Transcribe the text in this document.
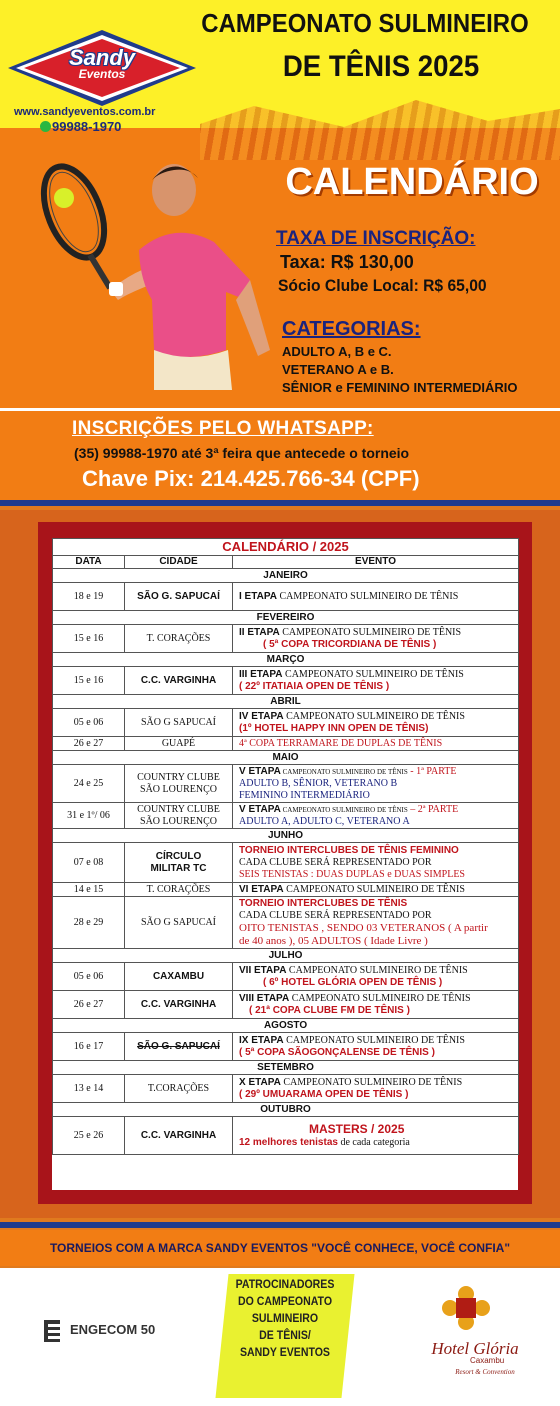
Sandy
Eventos
www.sandyeventos.com.br
99988-1970
CAMPEONATO SULMINEIRO
DE TÊNIS 2025
CALENDÁRIO
TAXA DE INSCRIÇÃO:
Taxa: R$ 130,00
Sócio Clube Local: R$ 65,00
CATEGORIAS:
ADULTO A, B e C.
VETERANO A e B.
SÊNIOR e FEMININO INTERMEDIÁRIO
INSCRIÇÕES PELO WHATSAPP:
(35) 99988-1970 até 3ª feira que antecede o torneio
Chave Pix: 214.425.766-34 (CPF)
CALENDÁRIO / 2025		
DATA	CIDADE	EVENTO
JANEIRO		
18 e 19	SÃO G. SAPUCAÍ	I ETAPA CAMPEONATO SULMINEIRO DE TÊNIS
FEVEREIRO		
15 e 16	T. CORAÇÕES	II ETAPA CAMPEONATO SULMINEIRO DE TÊNIS
( 5ª COPA TRICORDIANA DE TÊNIS )
MARÇO		
15 e 16	C.C. VARGINHA	III ETAPA CAMPEONATO SULMINEIRO DE TÊNIS
( 22º ITATIAIA OPEN DE TÊNIS )
ABRIL		
05 e 06	SÃO G SAPUCAÍ	IV ETAPA CAMPEONATO SULMINEIRO DE TÊNIS
(1º HOTEL HAPPY INN OPEN DE TÊNIS)
26 e 27	GUAPÉ	4ª COPA TERRAMARE DE DUPLAS DE TÊNIS
MAIO		
24 e 25	COUNTRY CLUBE
SÃO LOURENÇO	V ETAPA CAMPEONATO SULMINEIRO DE TÊNIS - 1ª PARTE
ADULTO B, SÊNIOR, VETERANO B
FEMININO INTERMEDIÁRIO
31 e 1º/ 06	COUNTRY CLUBE
SÃO LOURENÇO	V ETAPA CAMPEONATO SULMINEIRO DE TÊNIS – 2ª PARTE
ADULTO A, ADULTO C, VETERANO A
JUNHO		
07 e 08	CÍRCULO
MILITAR TC	TORNEIO INTERCLUBES DE TÊNIS FEMININO
CADA CLUBE SERÁ REPRESENTADO POR
SEIS TENISTAS : DUAS DUPLAS e DUAS SIMPLES
14 e 15	T. CORAÇÕES	VI ETAPA CAMPEONATO SULMINEIRO DE TÊNIS
28 e 29	SÃO G SAPUCAÍ	TORNEIO INTERCLUBES DE TÊNIS
CADA CLUBE SERÁ REPRESENTADO POR
OITO TENISTAS , SENDO 03 VETERANOS ( A partir
de 40 anos ), 05 ADULTOS ( Idade Livre )
JULHO		
05 e 06	CAXAMBU	VII ETAPA CAMPEONATO SULMINEIRO DE TÊNIS
( 6º HOTEL GLÓRIA OPEN DE TÊNIS )
26 e 27	C.C. VARGINHA	VIII ETAPA CAMPEONATO SULMINEIRO DE TÊNIS
( 21ª COPA CLUBE FM DE TÊNIS )
AGOSTO		
16 e 17	SÃO G. SAPUCAÍ	IX ETAPA CAMPEONATO SULMINEIRO DE TÊNIS
( 5ª COPA SÃOGONÇALENSE DE TÊNIS )
SETEMBRO		
13 e 14	T.CORAÇÕES	X ETAPA CAMPEONATO SULMINEIRO DE TÊNIS
( 29º UMUARAMA OPEN DE TÊNIS )
OUTUBRO		
25 e 26	C.C. VARGINHA	MASTERS / 2025
12 melhores tenistas de cada categoria
TORNEIOS COM A MARCA SANDY EVENTOS "VOCÊ CONHECE, VOCÊ CONFIA"
ENGECOM 50
PATROCINADORES
DO CAMPEONATO
SULMINEIRO
DE TÊNIS/
SANDY EVENTOS	Hotel Glória
Caxambu
Resort & Convention
